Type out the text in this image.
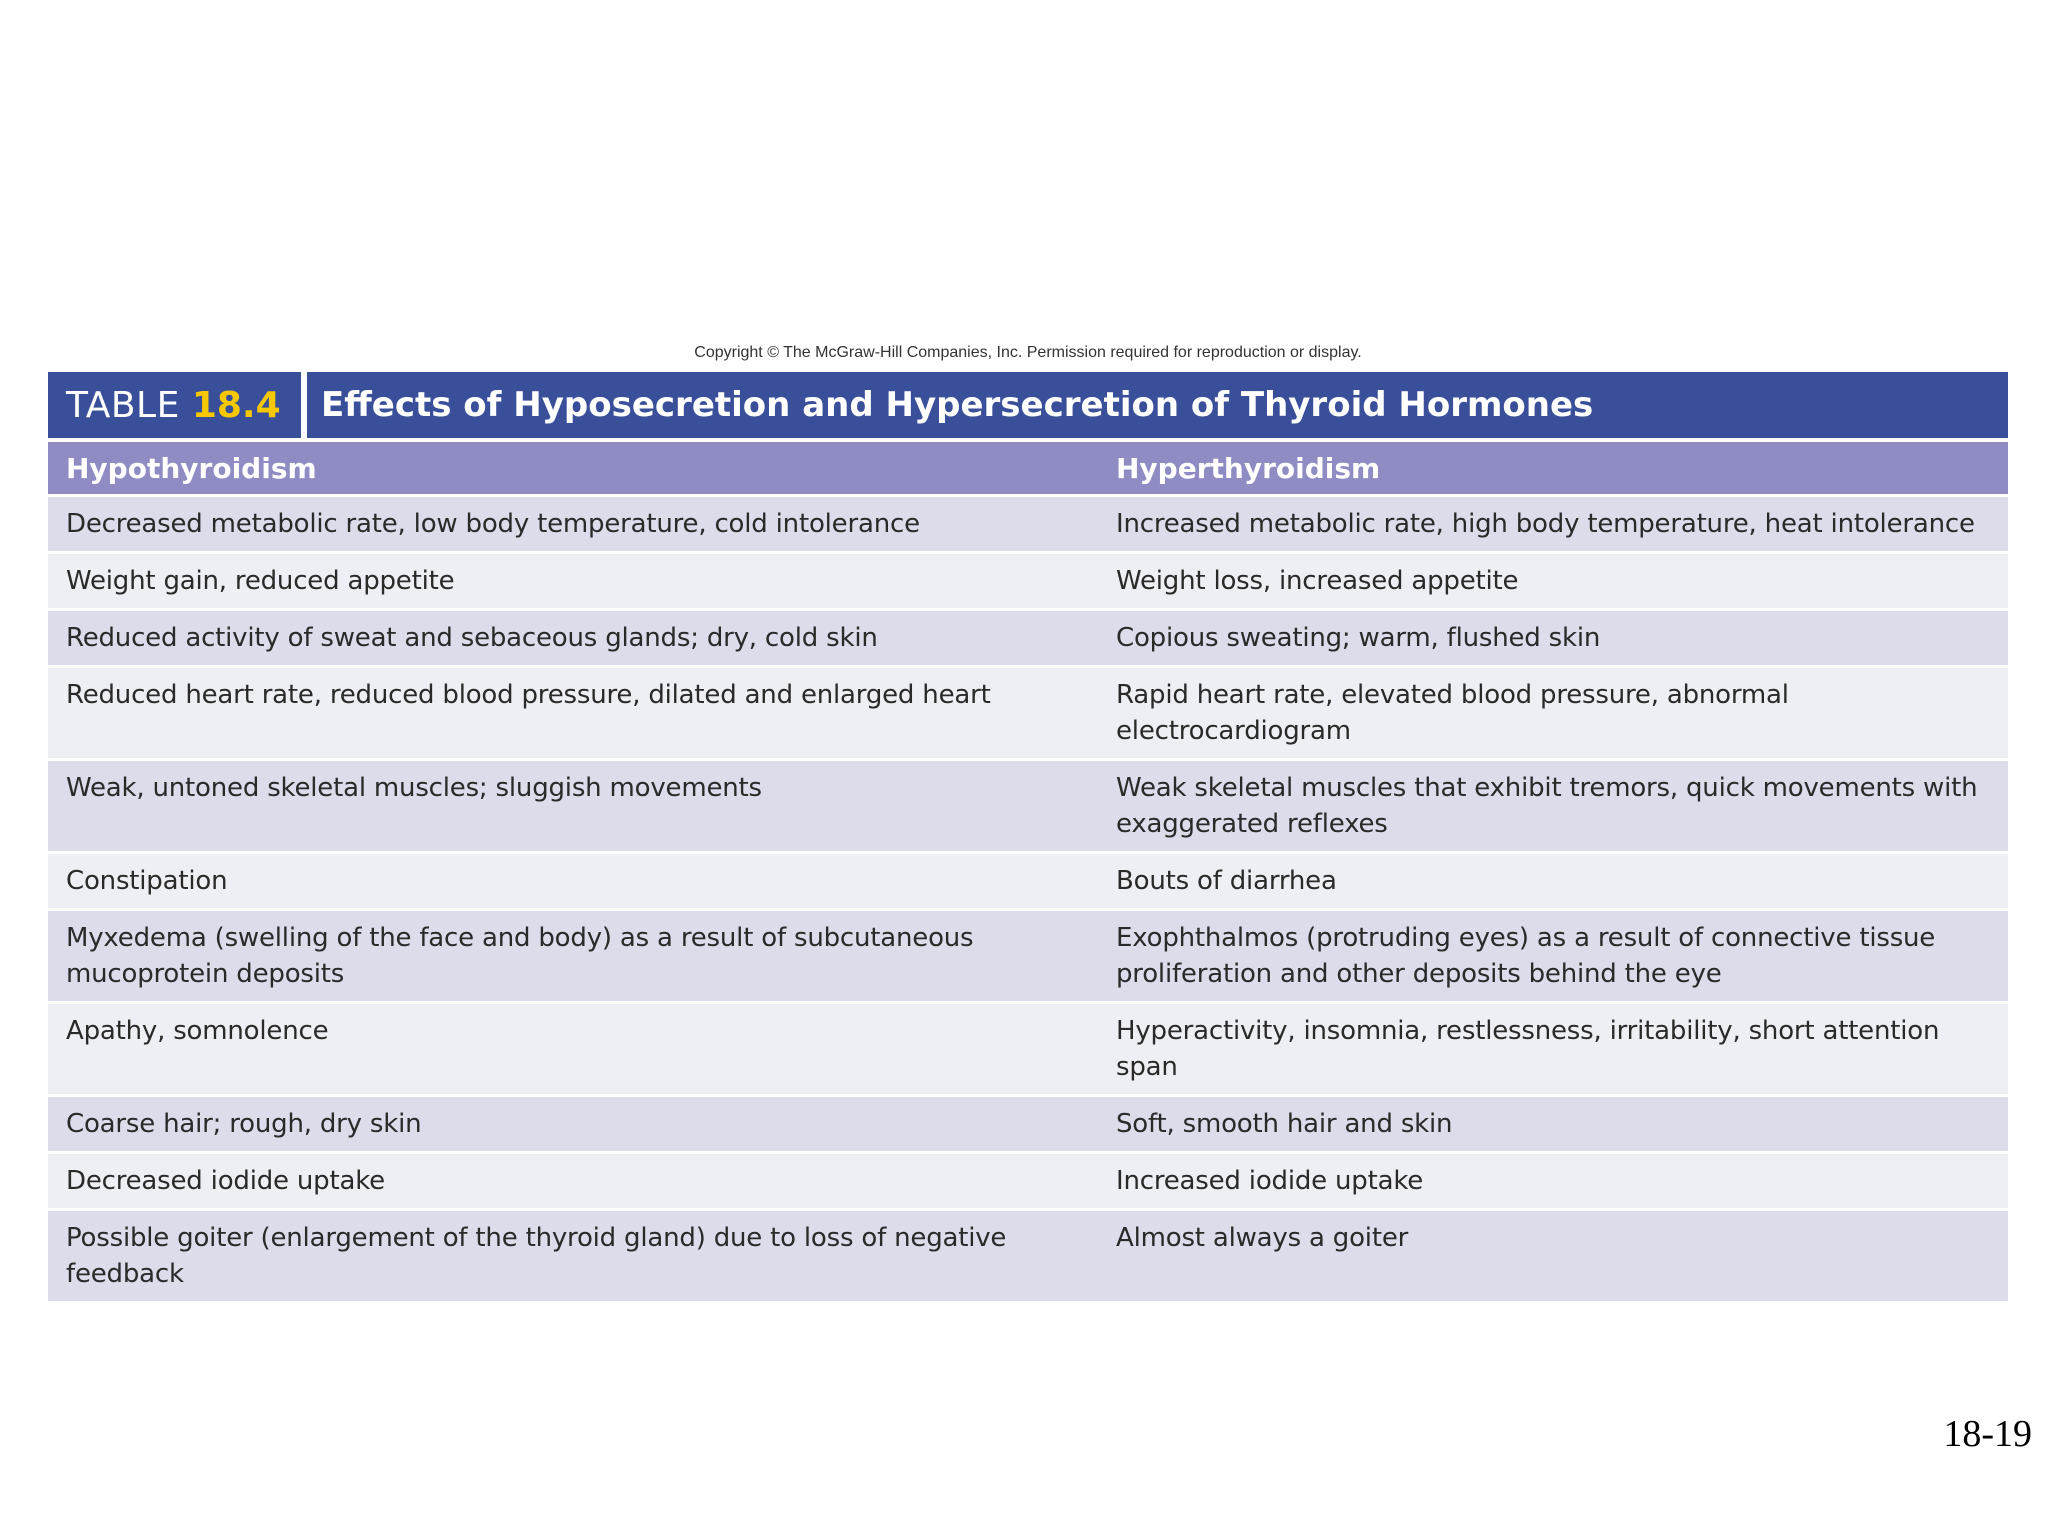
Copyright © The McGraw-Hill Companies, Inc. Permission required for reproduction or display.
TABLE 18.4	Effects of Hyposecretion and Hypersecretion of Thyroid Hormones
Hypothyroidism	Hyperthyroidism
Decreased metabolic rate, low body temperature, cold intolerance	Increased metabolic rate, high body temperature, heat intolerance
Weight gain, reduced appetite	Weight loss, increased appetite
Reduced activity of sweat and sebaceous glands; dry, cold skin	Copious sweating; warm, flushed skin
Reduced heart rate, reduced blood pressure, dilated and enlarged heart	Rapid heart rate, elevated blood pressure, abnormal electrocardiogram
Weak, untoned skeletal muscles; sluggish movements	Weak skeletal muscles that exhibit tremors, quick movements with exaggerated reflexes
Constipation	Bouts of diarrhea
Myxedema (swelling of the face and body) as a result of subcutaneous mucoprotein deposits	Exophthalmos (protruding eyes) as a result of connective tissue proliferation and other deposits behind the eye
Apathy, somnolence	Hyperactivity, insomnia, restlessness, irritability, short attention span
Coarse hair; rough, dry skin	Soft, smooth hair and skin
Decreased iodide uptake	Increased iodide uptake
Possible goiter (enlargement of the thyroid gland) due to loss of negative feedback	Almost always a goiter
18-19
